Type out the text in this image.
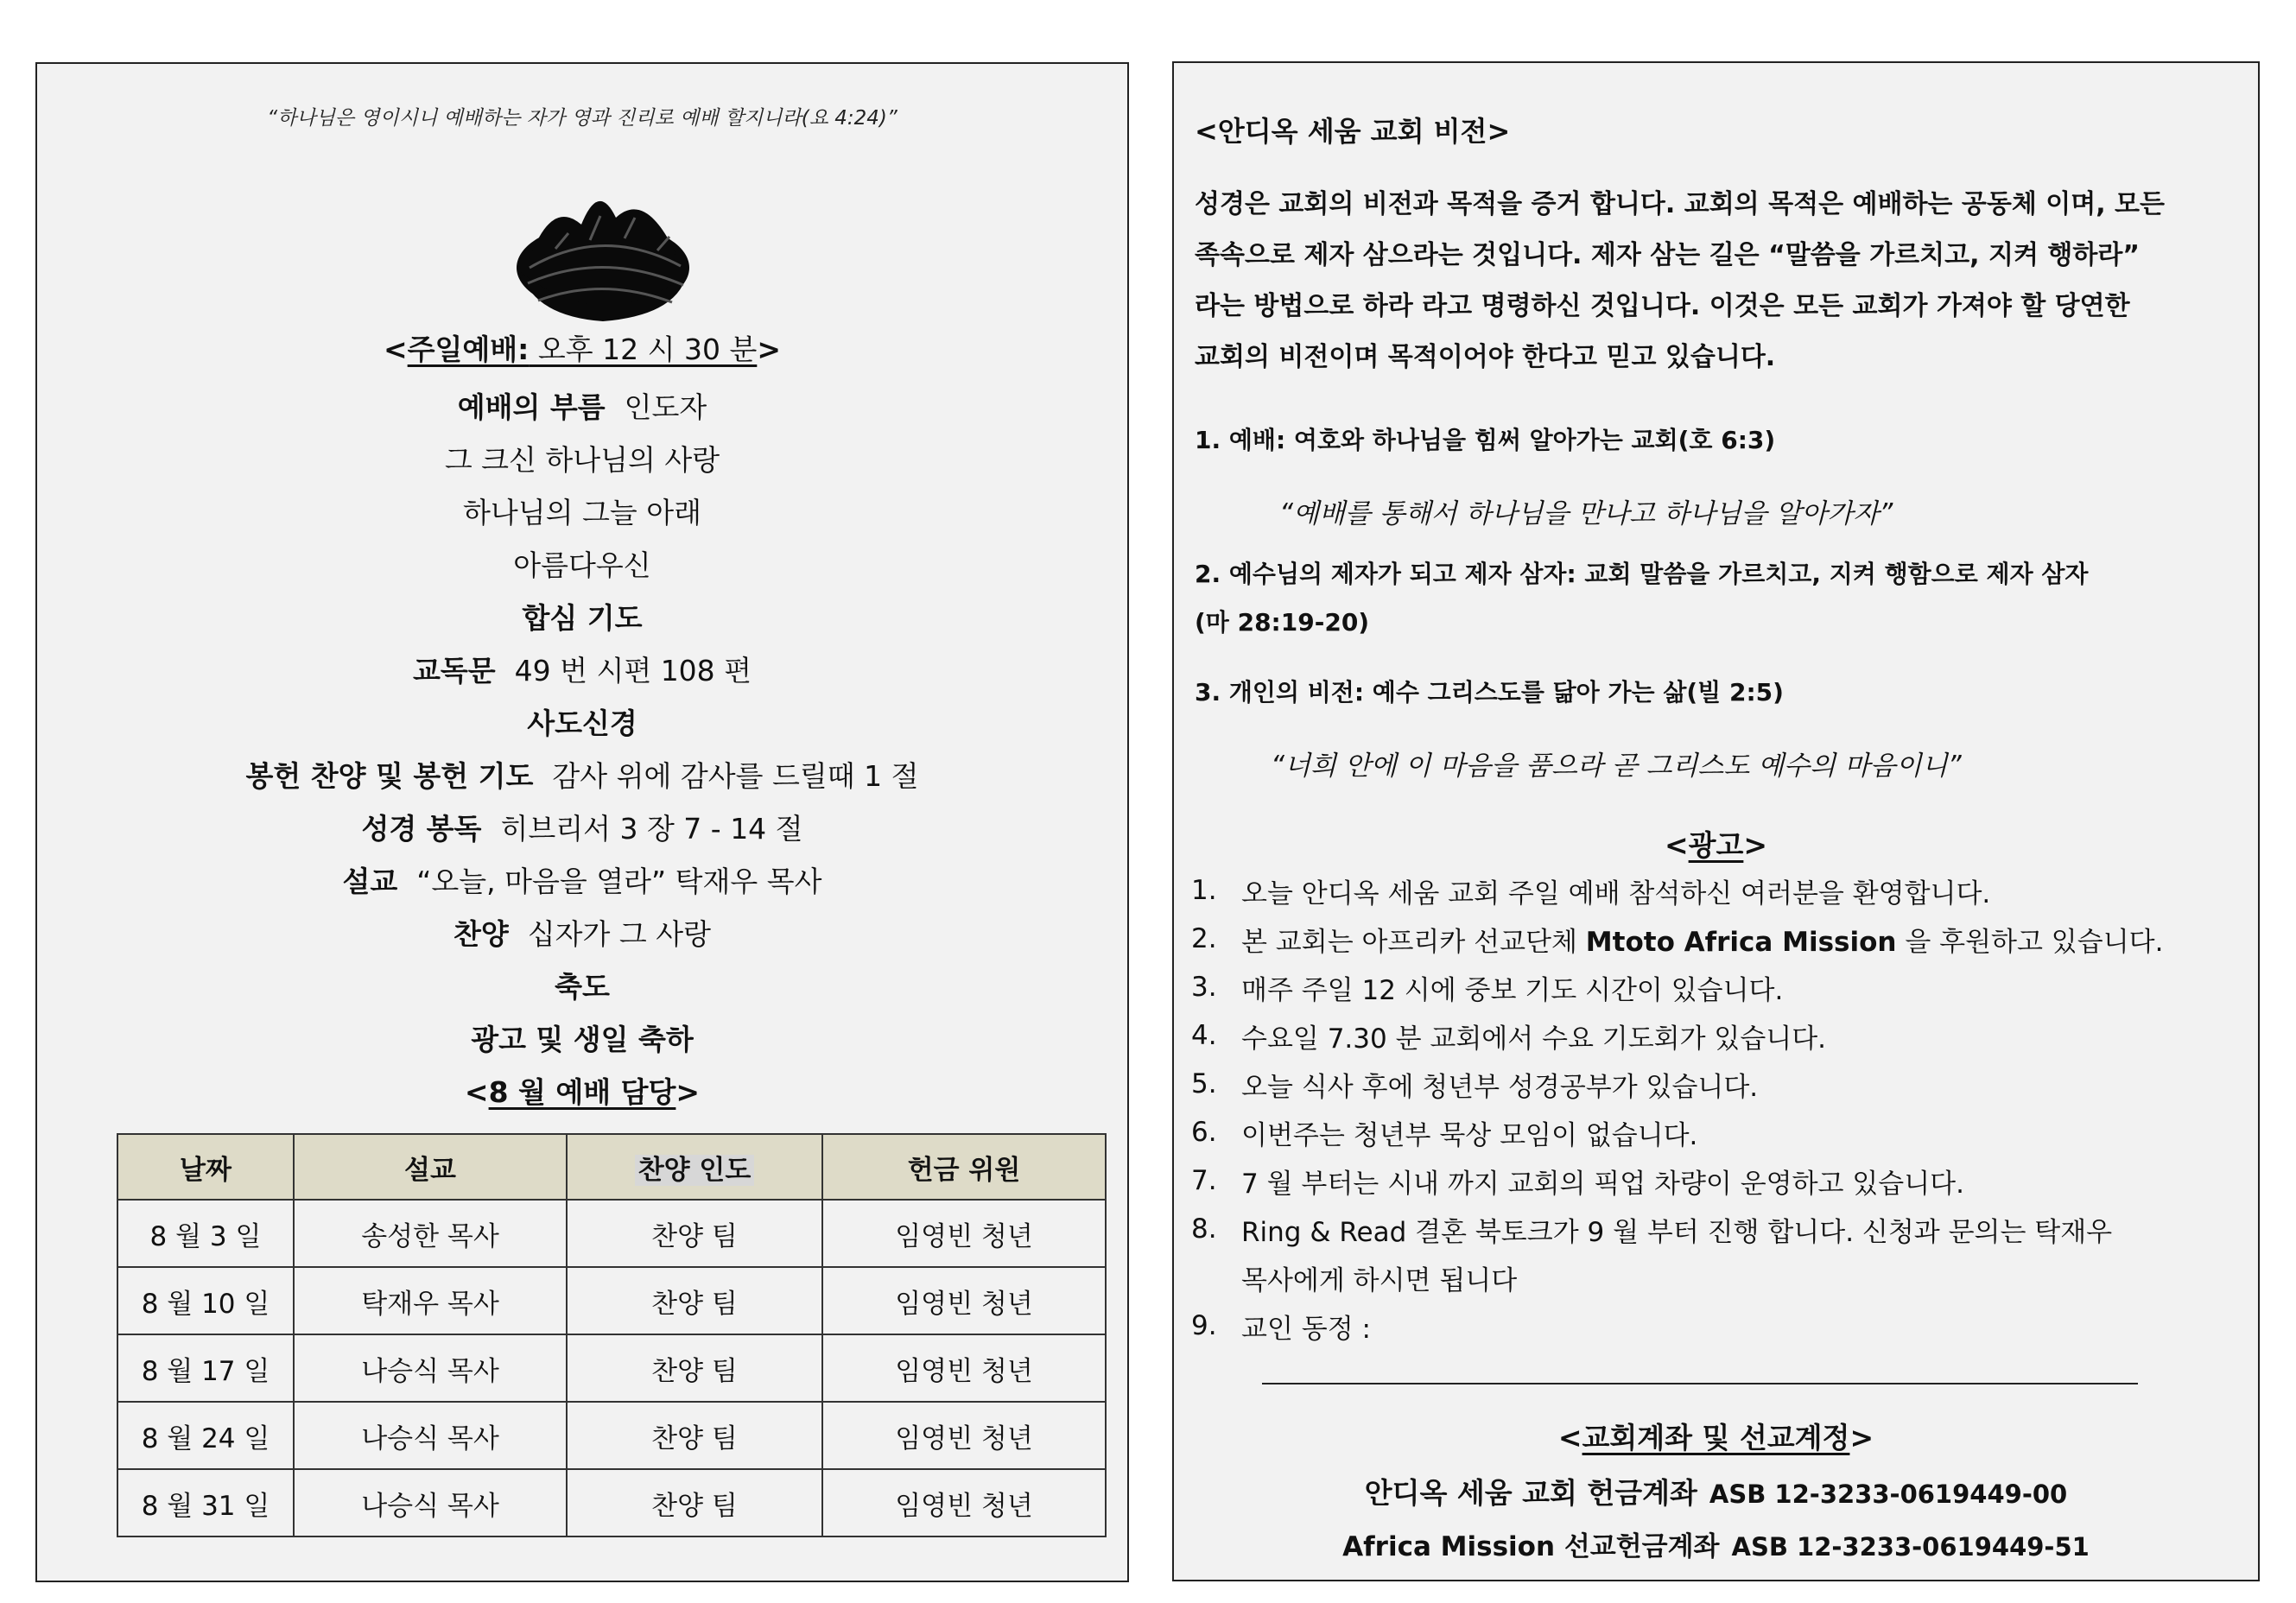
“하나님은 영이시니 예배하는 자가 영과 진리로 예배 할지니라(요 4:24)”
<주일예배: 오후 12 시 30 분>
예배의 부름 인도자
그 크신 하나님의 사랑
하나님의 그늘 아래
아름다우신
합심 기도
교독문 49 번 시편 108 편
사도신경
봉헌 찬양 및 봉헌 기도 감사 위에 감사를 드릴때 1 절
성경 봉독 히브리서 3 장 7 - 14 절
설교 “오늘, 마음을 열라” 탁재우 목사
찬양 십자가 그 사랑
축도
광고 및 생일 축하
<8 월 예배 담당>
날짜	설교	찬양 인도	헌금 위원
8 월 3 일	송성한 목사	찬양 팀	임영빈 청년
8 월 10 일	탁재우 목사	찬양 팀	임영빈 청년
8 월 17 일	나승식 목사	찬양 팀	임영빈 청년
8 월 24 일	나승식 목사	찬양 팀	임영빈 청년
8 월 31 일	나승식 목사	찬양 팀	임영빈 청년
<안디옥 세움 교회 비전>
성경은 교회의 비전과 목적을 증거 합니다. 교회의 목적은 예배하는 공동체 이며, 모든
족속으로 제자 삼으라는 것입니다. 제자 삼는 길은 “말씀을 가르치고, 지켜 행하라”
라는 방법으로 하라 라고 명령하신 것입니다. 이것은 모든 교회가 가져야 할 당연한
교회의 비전이며 목적이어야 한다고 믿고 있습니다.
1. 예배: 여호와 하나님을 힘써 알아가는 교회(호 6:3)
“예배를 통해서 하나님을 만나고 하나님을 알아가자”
2. 예수님의 제자가 되고 제자 삼자: 교회 말씀을 가르치고, 지켜 행함으로 제자 삼자
(마 28:19-20)
3. 개인의 비전: 예수 그리스도를 닮아 가는 삶(빌 2:5)
“너희 안에 이 마음을 품으라 곧 그리스도 예수의 마음이니”
<광고>
1. 오늘 안디옥 세움 교회 주일 예배 참석하신 여러분을 환영합니다.
2. 본 교회는 아프리카 선교단체 Mtoto Africa Mission 을 후원하고 있습니다.
3. 매주 주일 12 시에 중보 기도 시간이 있습니다.
4. 수요일 7.30 분 교회에서 수요 기도회가 있습니다.
5. 오늘 식사 후에 청년부 성경공부가 있습니다.
6. 이번주는 청년부 묵상 모임이 없습니다.
7. 7 월 부터는 시내 까지 교회의 픽업 차량이 운영하고 있습니다.
8. Ring & Read 결혼 북토크가 9 월 부터 진행 합니다. 신청과 문의는 탁재우
목사에게 하시면 됩니다
9. 교인 동정 :
<교회계좌 및 선교계정>
안디옥 세움 교회 헌금계좌 ASB 12-3233-0619449-00
Africa Mission 선교헌금계좌 ASB 12-3233-0619449-51
